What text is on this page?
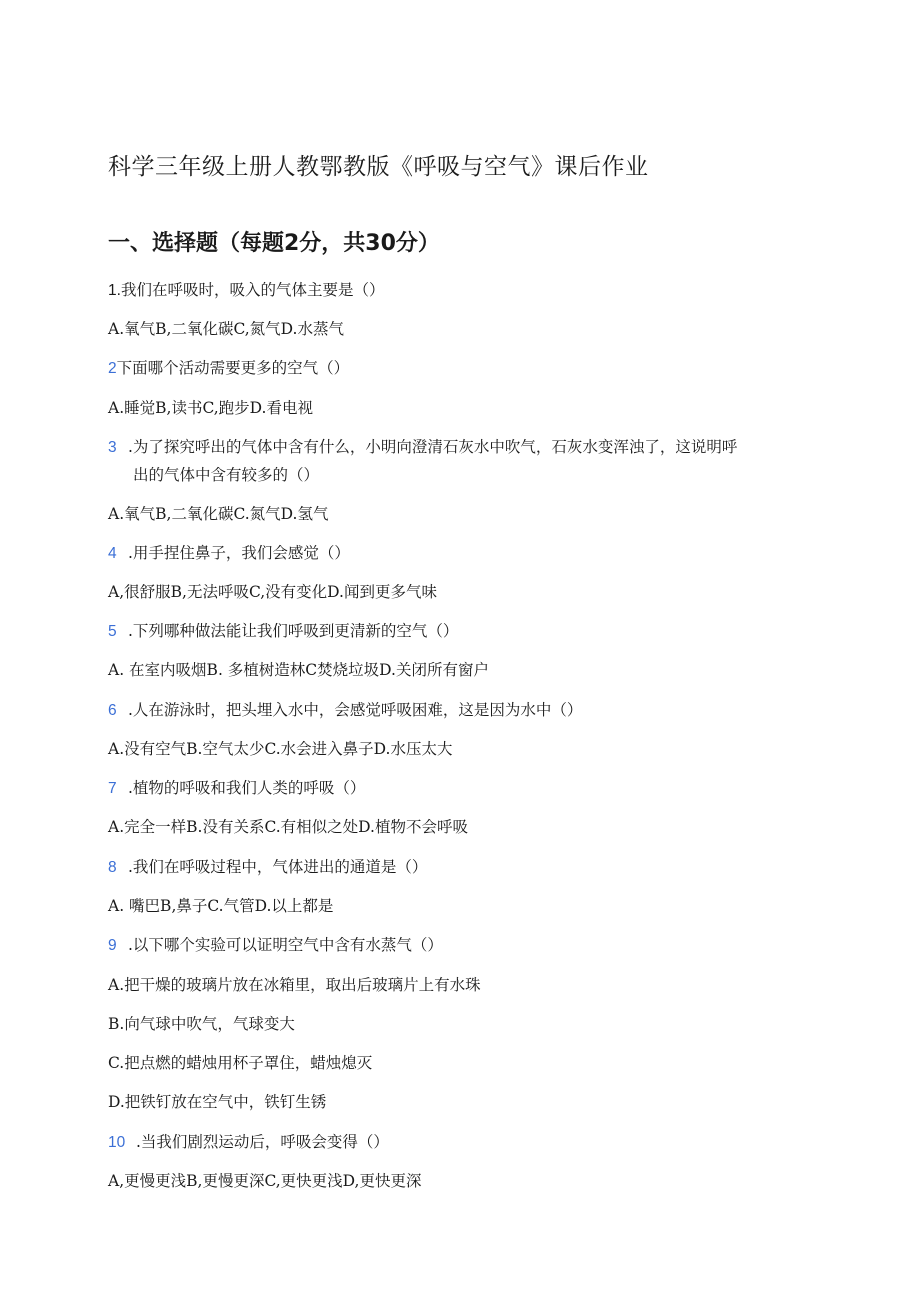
科学三年级上册人教鄂教版《呼吸与空气》课后作业
一、选择题（每题2分，共30分）
1.我们在呼吸时，吸入的气体主要是（）
A.氧气B,二氧化碳C,氮气D.水蒸气
2下面哪个活动需要更多的空气（）
A.睡觉B,读书C,跑步D.看电视
3 .为了探究呼出的气体中含有什么，小明向澄清石灰水中吹气，石灰水变浑浊了，这说明呼
出的气体中含有较多的（）
A.氧气B,二氧化碳C.氮气D.氢气
4 .用手捏住鼻子，我们会感觉（）
A,很舒服B,无法呼吸C,没有变化D.闻到更多气味
5 .下列哪种做法能让我们呼吸到更清新的空气（）
A. 在室内吸烟B. 多植树造林C焚烧垃圾D.关闭所有窗户
6 .人在游泳时，把头埋入水中，会感觉呼吸困难，这是因为水中（）
A.没有空气B.空气太少C.水会进入鼻子D.水压太大
7 .植物的呼吸和我们人类的呼吸（）
A.完全一样B.没有关系C.有相似之处D.植物不会呼吸
8 .我们在呼吸过程中，气体进出的通道是（）
A. 嘴巴B,鼻子C.气管D.以上都是
9 .以下哪个实验可以证明空气中含有水蒸气（）
A.把干燥的玻璃片放在冰箱里，取出后玻璃片上有水珠
B.向气球中吹气，气球变大
C.把点燃的蜡烛用杯子罩住，蜡烛熄灭
D.把铁钉放在空气中，铁钉生锈
10 .当我们剧烈运动后，呼吸会变得（）
A,更慢更浅B,更慢更深C,更快更浅D,更快更深
